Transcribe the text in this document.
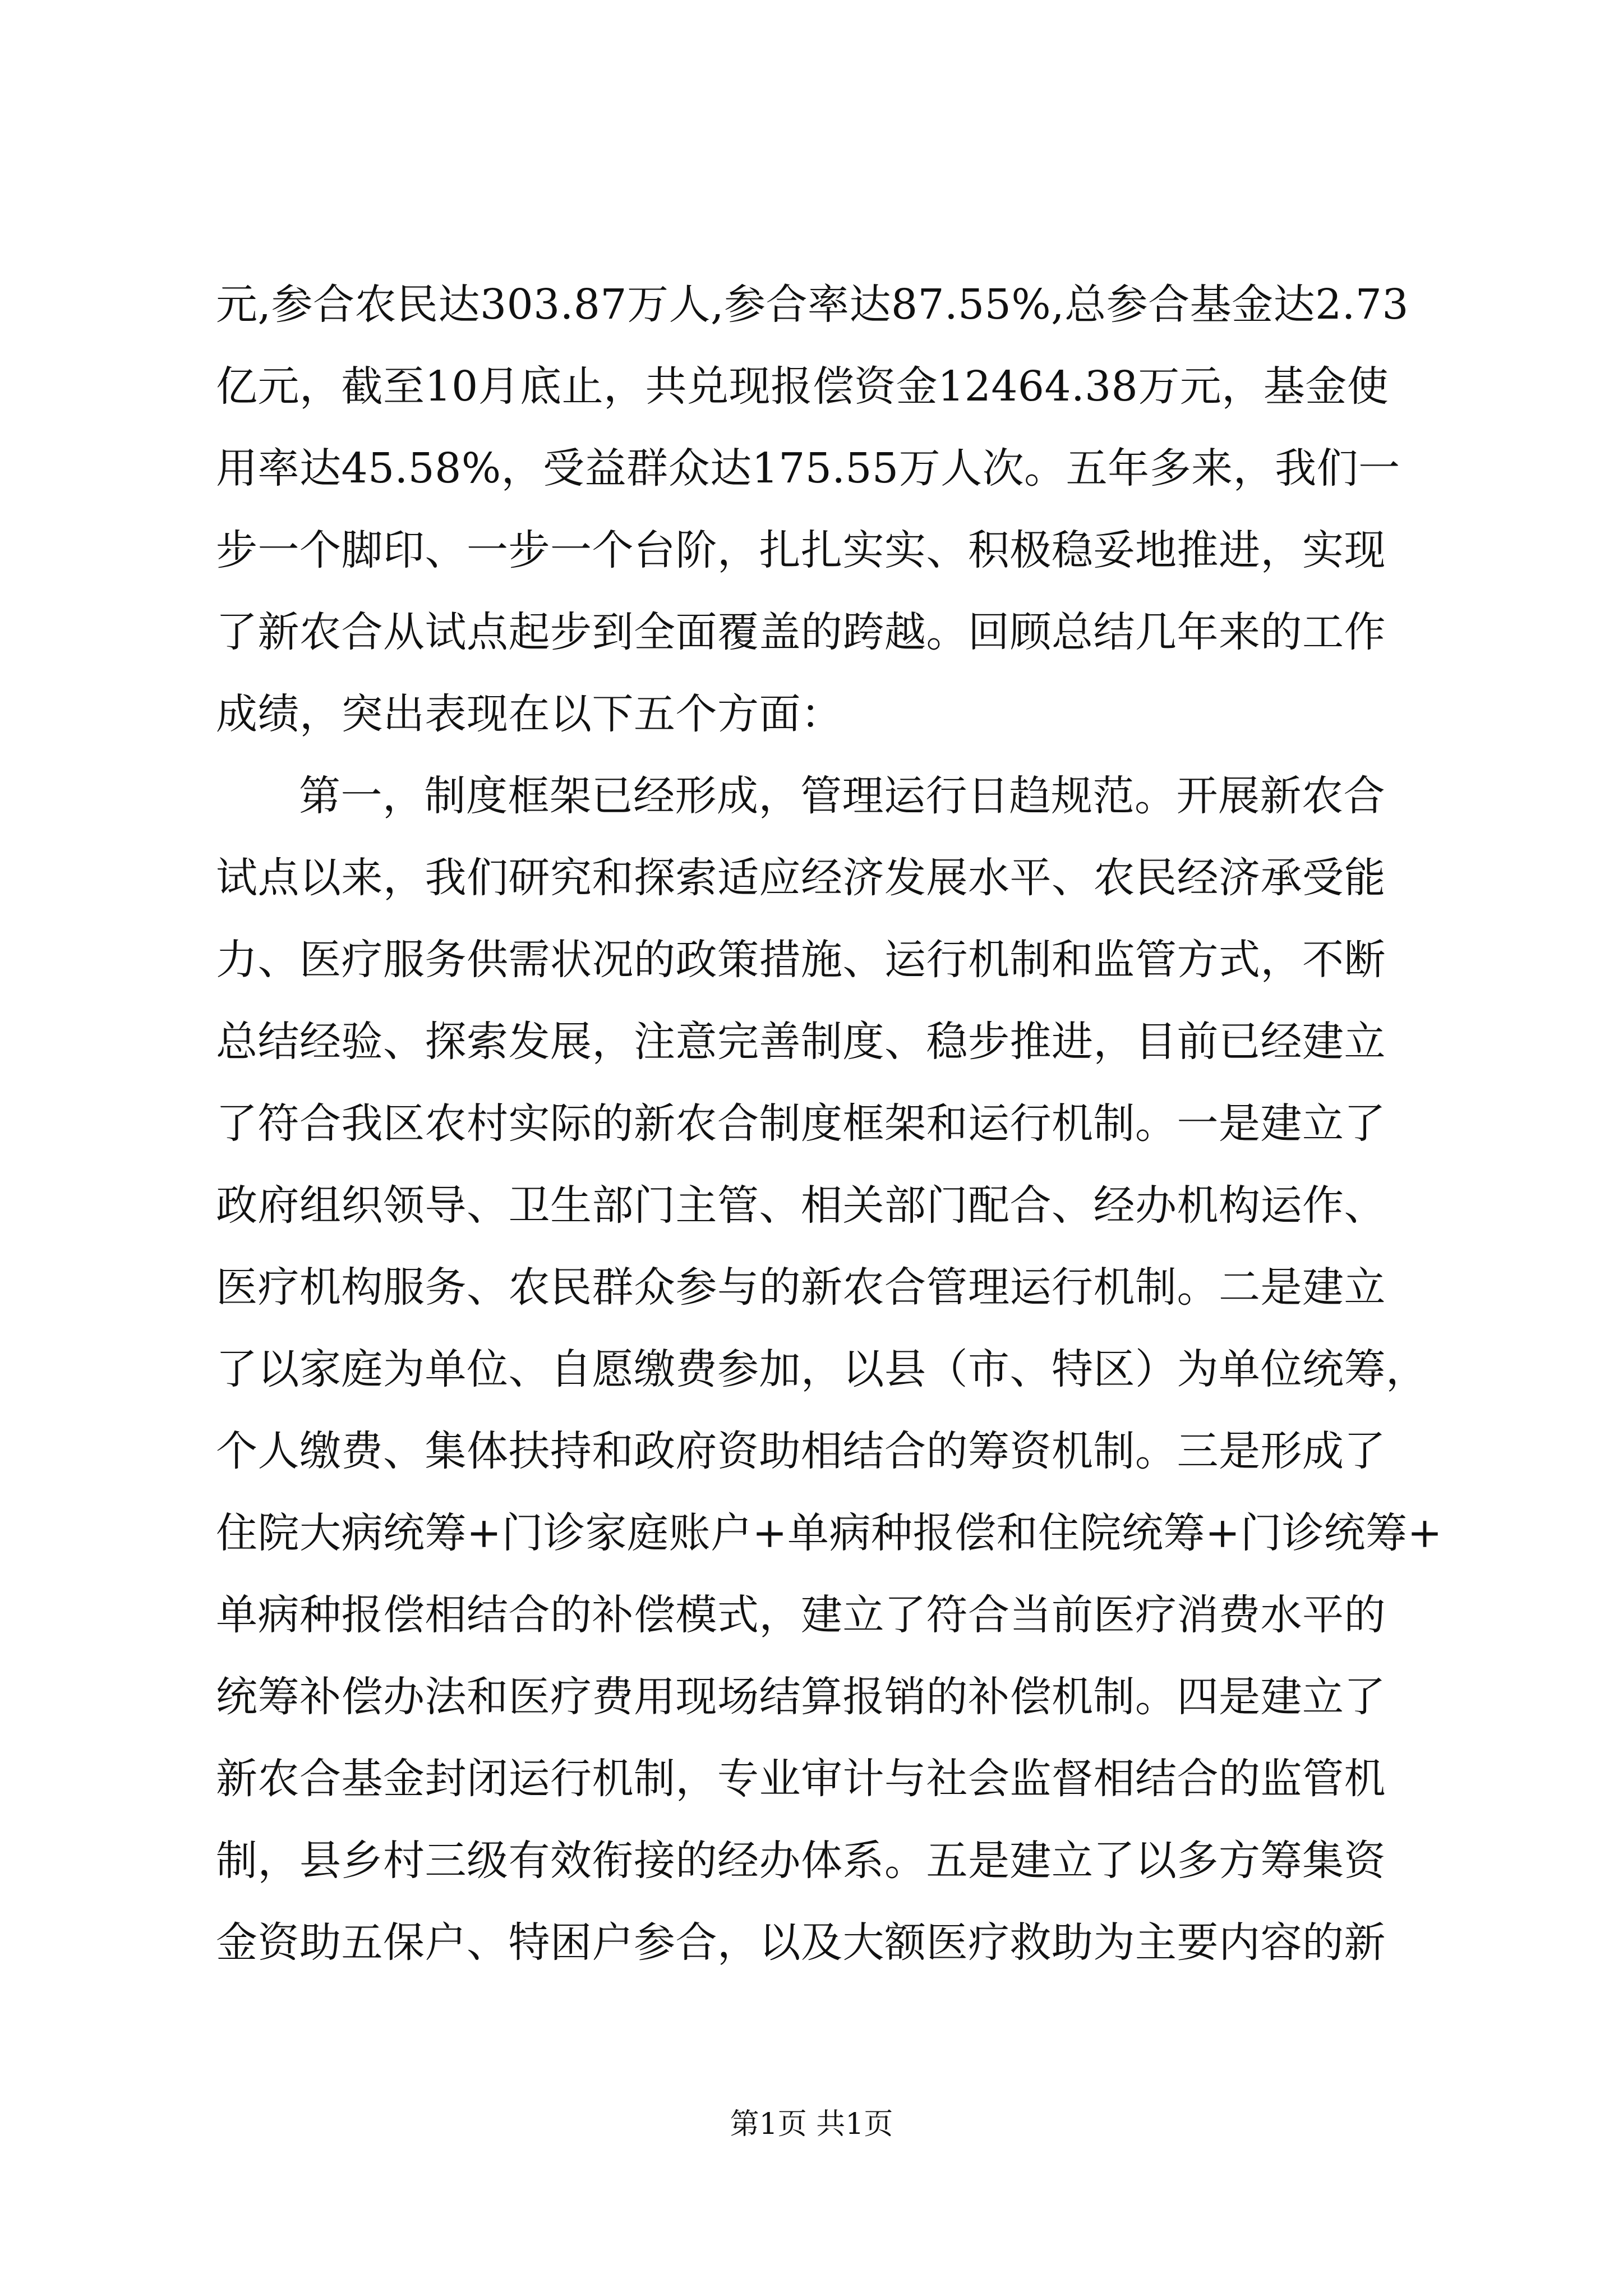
元,参合农民达303.87万人,参合率达87.55%,总参合基金达2.73
亿元，截至10月底止，共兑现报偿资金12464.38万元，基金使
用率达45.58%，受益群众达175.55万人次。五年多来，我们一
步一个脚印、一步一个台阶，扎扎实实、积极稳妥地推进，实现
了新农合从试点起步到全面覆盖的跨越。回顾总结几年来的工作
成绩，突出表现在以下五个方面：
第一，制度框架已经形成，管理运行日趋规范。开展新农合
试点以来，我们研究和探索适应经济发展水平、农民经济承受能
力、医疗服务供需状况的政策措施、运行机制和监管方式，不断
总结经验、探索发展，注意完善制度、稳步推进，目前已经建立
了符合我区农村实际的新农合制度框架和运行机制。一是建立了
政府组织领导、卫生部门主管、相关部门配合、经办机构运作、
医疗机构服务、农民群众参与的新农合管理运行机制。二是建立
了以家庭为单位、自愿缴费参加，以县（市、特区）为单位统筹，
个人缴费、集体扶持和政府资助相结合的筹资机制。三是形成了
住院大病统筹+门诊家庭账户+单病种报偿和住院统筹+门诊统筹+
单病种报偿相结合的补偿模式，建立了符合当前医疗消费水平的
统筹补偿办法和医疗费用现场结算报销的补偿机制。四是建立了
新农合基金封闭运行机制，专业审计与社会监督相结合的监管机
制，县乡村三级有效衔接的经办体系。五是建立了以多方筹集资
金资助五保户、特困户参合，以及大额医疗救助为主要内容的新
第1页 共1页
